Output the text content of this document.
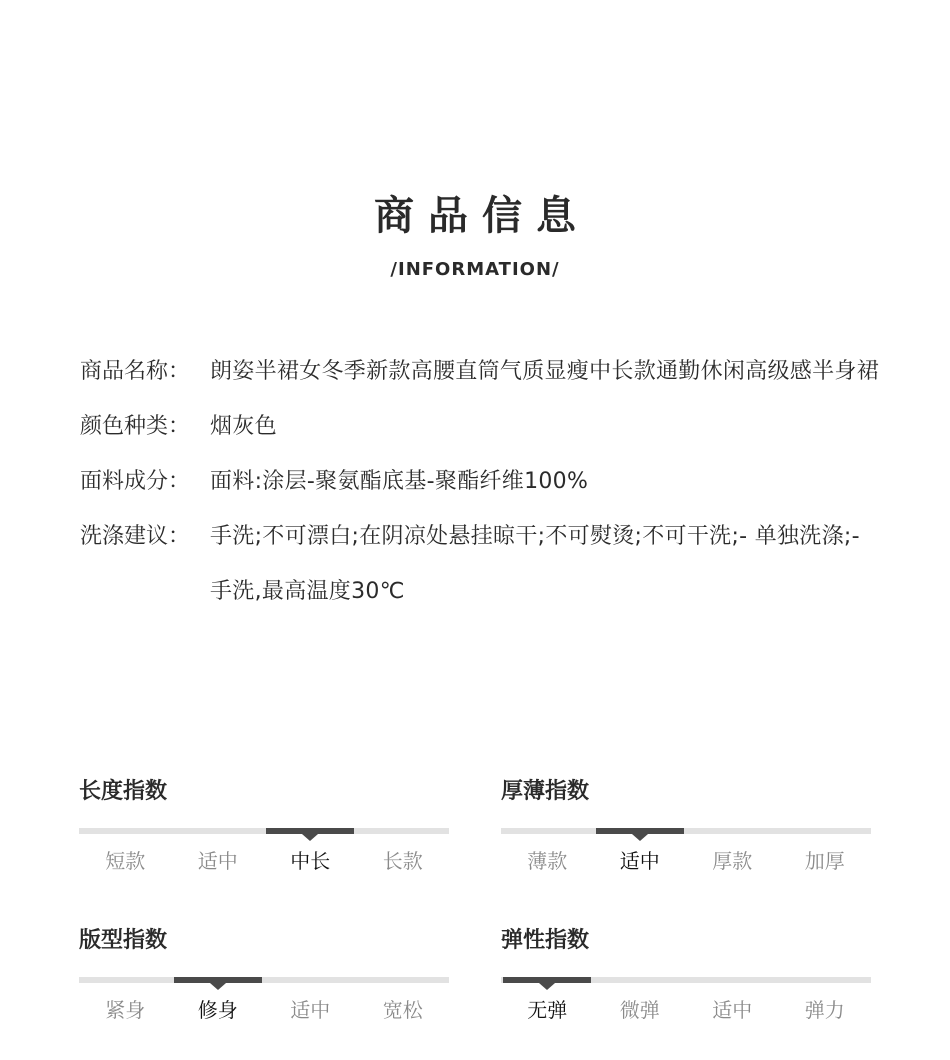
商品信息
/INFORMATION/
商品名称： 朗姿半裙女冬季新款高腰直筒气质显瘦中长款通勤休闲高级感半身裙
颜色种类： 烟灰色
面料成分： 面料:涂层-聚氨酯底基-聚酯纤维100%
洗涤建议： 手洗;不可漂白;在阴凉处悬挂晾干;不可熨烫;不可干洗;- 单独洗涤;- 手洗,最高温度30℃
长度指数
短款	适中	中长	长款
厚薄指数
薄款	适中	厚款	加厚
版型指数
紧身	修身	适中	宽松
弹性指数
无弹	微弹	适中	弹力
